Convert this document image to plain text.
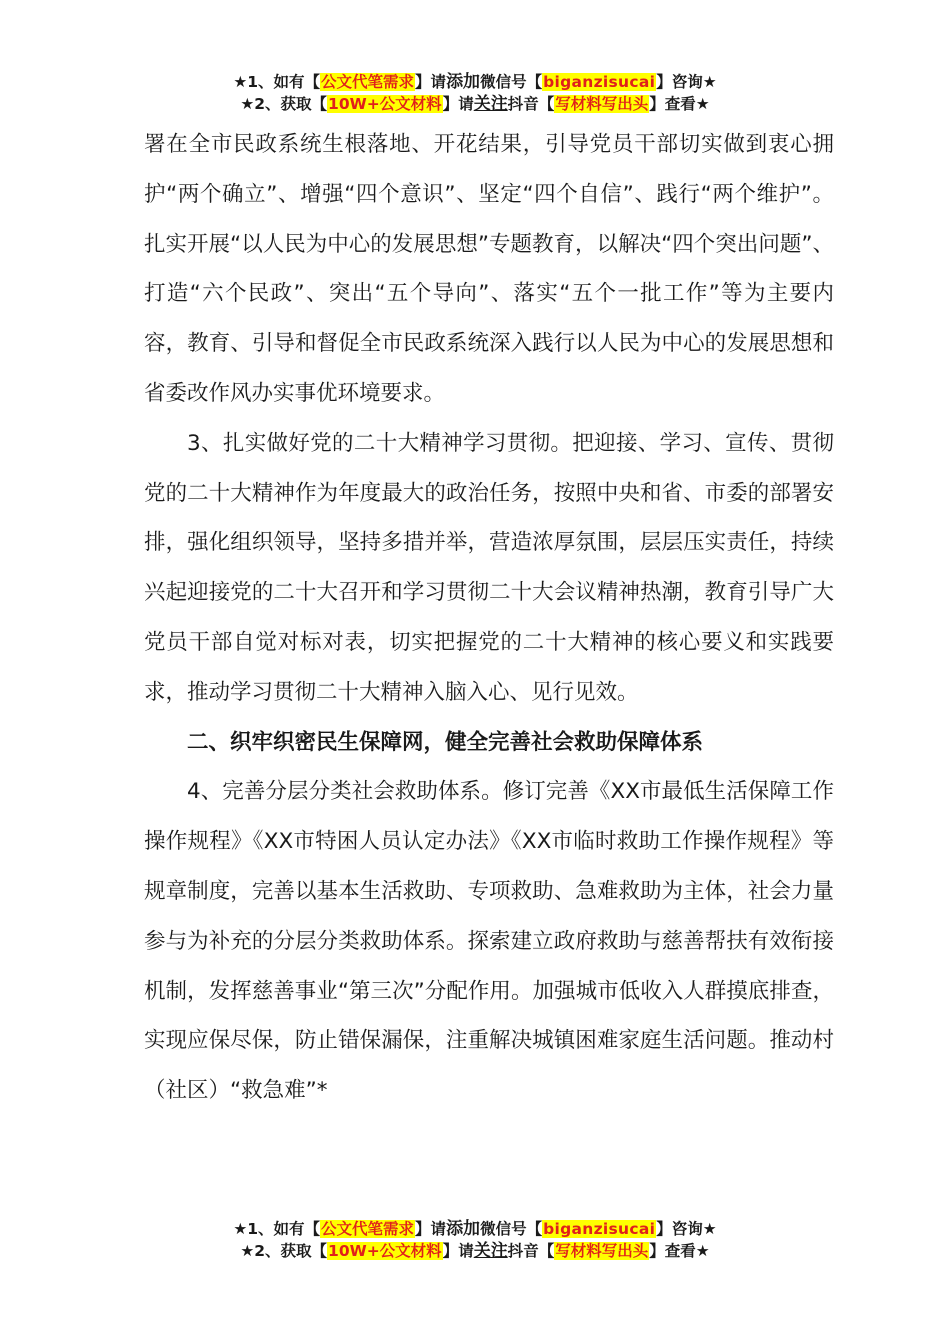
★1、如有【公文代笔需求】请添加微信号【biganzisucai】咨询★
★2、获取【10W+公文材料】请关注抖音【写材料写出头】查看★

署在全市民政系统生根落地、开花结果，引导党员干部切实做到衷心拥护“两个确立”、增强“四个意识”、坚定“四个自信”、践行“两个维护”。扎实开展“以人民为中心的发展思想”专题教育，以解决“四个突出问题”、打造“六个民政”、突出“五个导向”、落实“五个一批工作”等为主要内容，教育、引导和督促全市民政系统深入践行以人民为中心的发展思想和省委改作风办实事优环境要求。

3、扎实做好党的二十大精神学习贯彻。把迎接、学习、宣传、贯彻党的二十大精神作为年度最大的政治任务，按照中央和省、市委的部署安排，强化组织领导，坚持多措并举，营造浓厚氛围，层层压实责任，持续兴起迎接党的二十大召开和学习贯彻二十大会议精神热潮，教育引导广大党员干部自觉对标对表，切实把握党的二十大精神的核心要义和实践要求，推动学习贯彻二十大精神入脑入心、见行见效。

二、织牢织密民生保障网，健全完善社会救助保障体系

4、完善分层分类社会救助体系。修订完善《XX市最低生活保障工作操作规程》《XX市特困人员认定办法》《XX市临时救助工作操作规程》等规章制度，完善以基本生活救助、专项救助、急难救助为主体，社会力量参与为补充的分层分类救助体系。探索建立政府救助与慈善帮扶有效衔接机制，发挥慈善事业“第三次”分配作用。加强城市低收入人群摸底排查，实现应保尽保，防止错保漏保，注重解决城镇困难家庭生活问题。推动村（社区）“救急难”*

★1、如有【公文代笔需求】请添加微信号【biganzisucai】咨询★
★2、获取【10W+公文材料】请关注抖音【写材料写出头】查看★
